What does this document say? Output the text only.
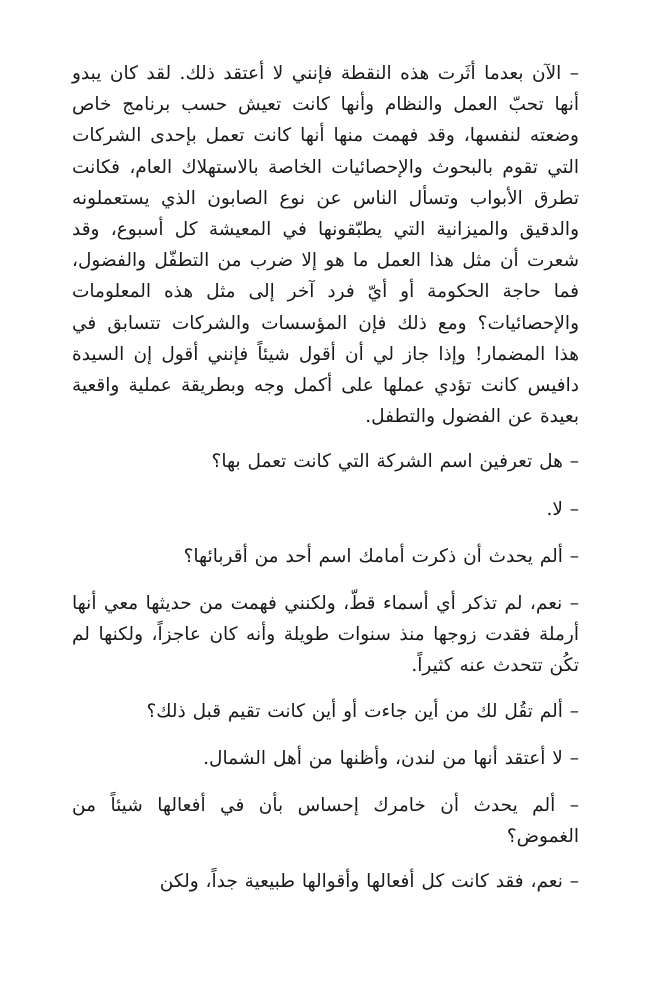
– الآن بعدما أثَرت هذه النقطة فإنني لا أعتقد ذلك. لقد كان يبدو أنها تحبّ العمل والنظام وأنها كانت تعيش حسب برنامج خاص وضعته لنفسها، وقد فهمت منها أنها كانت تعمل بإحدى الشركات التي تقوم بالبحوث والإحصائيات الخاصة بالاستهلاك العام، فكانت تطرق الأبواب وتسأل الناس عن نوع الصابون الذي يستعملونه والدقيق والميزانية التي يطبّقونها في المعيشة كل أسبوع، وقد شعرت أن مثل هذا العمل ما هو إلا ضرب من التطفّل والفضول، فما حاجة الحكومة أو أيّ فرد آخر إلى مثل هذه المعلومات والإحصائيات؟ ومع ذلك فإن المؤسسات والشركات تتسابق في هذا المضمار! وإذا جاز لي أن أقول شيئاً فإنني أقول إن السيدة دافيس كانت تؤدي عملها على أكمل وجه وبطريقة عملية واقعية بعيدة عن الفضول والتطفل.

– هل تعرفين اسم الشركة التي كانت تعمل بها؟

– لا.

– ألم يحدث أن ذكرت أمامك اسم أحد من أقربائها؟

– نعم، لم تذكر أي أسماء قطّ، ولكنني فهمت من حديثها معي أنها أرملة فقدت زوجها منذ سنوات طويلة وأنه كان عاجزاً، ولكنها لم تكُن تتحدث عنه كثيراً.

– ألم تقُل لك من أين جاءت أو أين كانت تقيم قبل ذلك؟

– لا أعتقد أنها من لندن، وأظنها من أهل الشمال.

– ألم يحدث أن خامرك إحساس بأن في أفعالها شيئاً من الغموض؟

– نعم، فقد كانت كل أفعالها وأقوالها طبيعية جداً، ولكن
